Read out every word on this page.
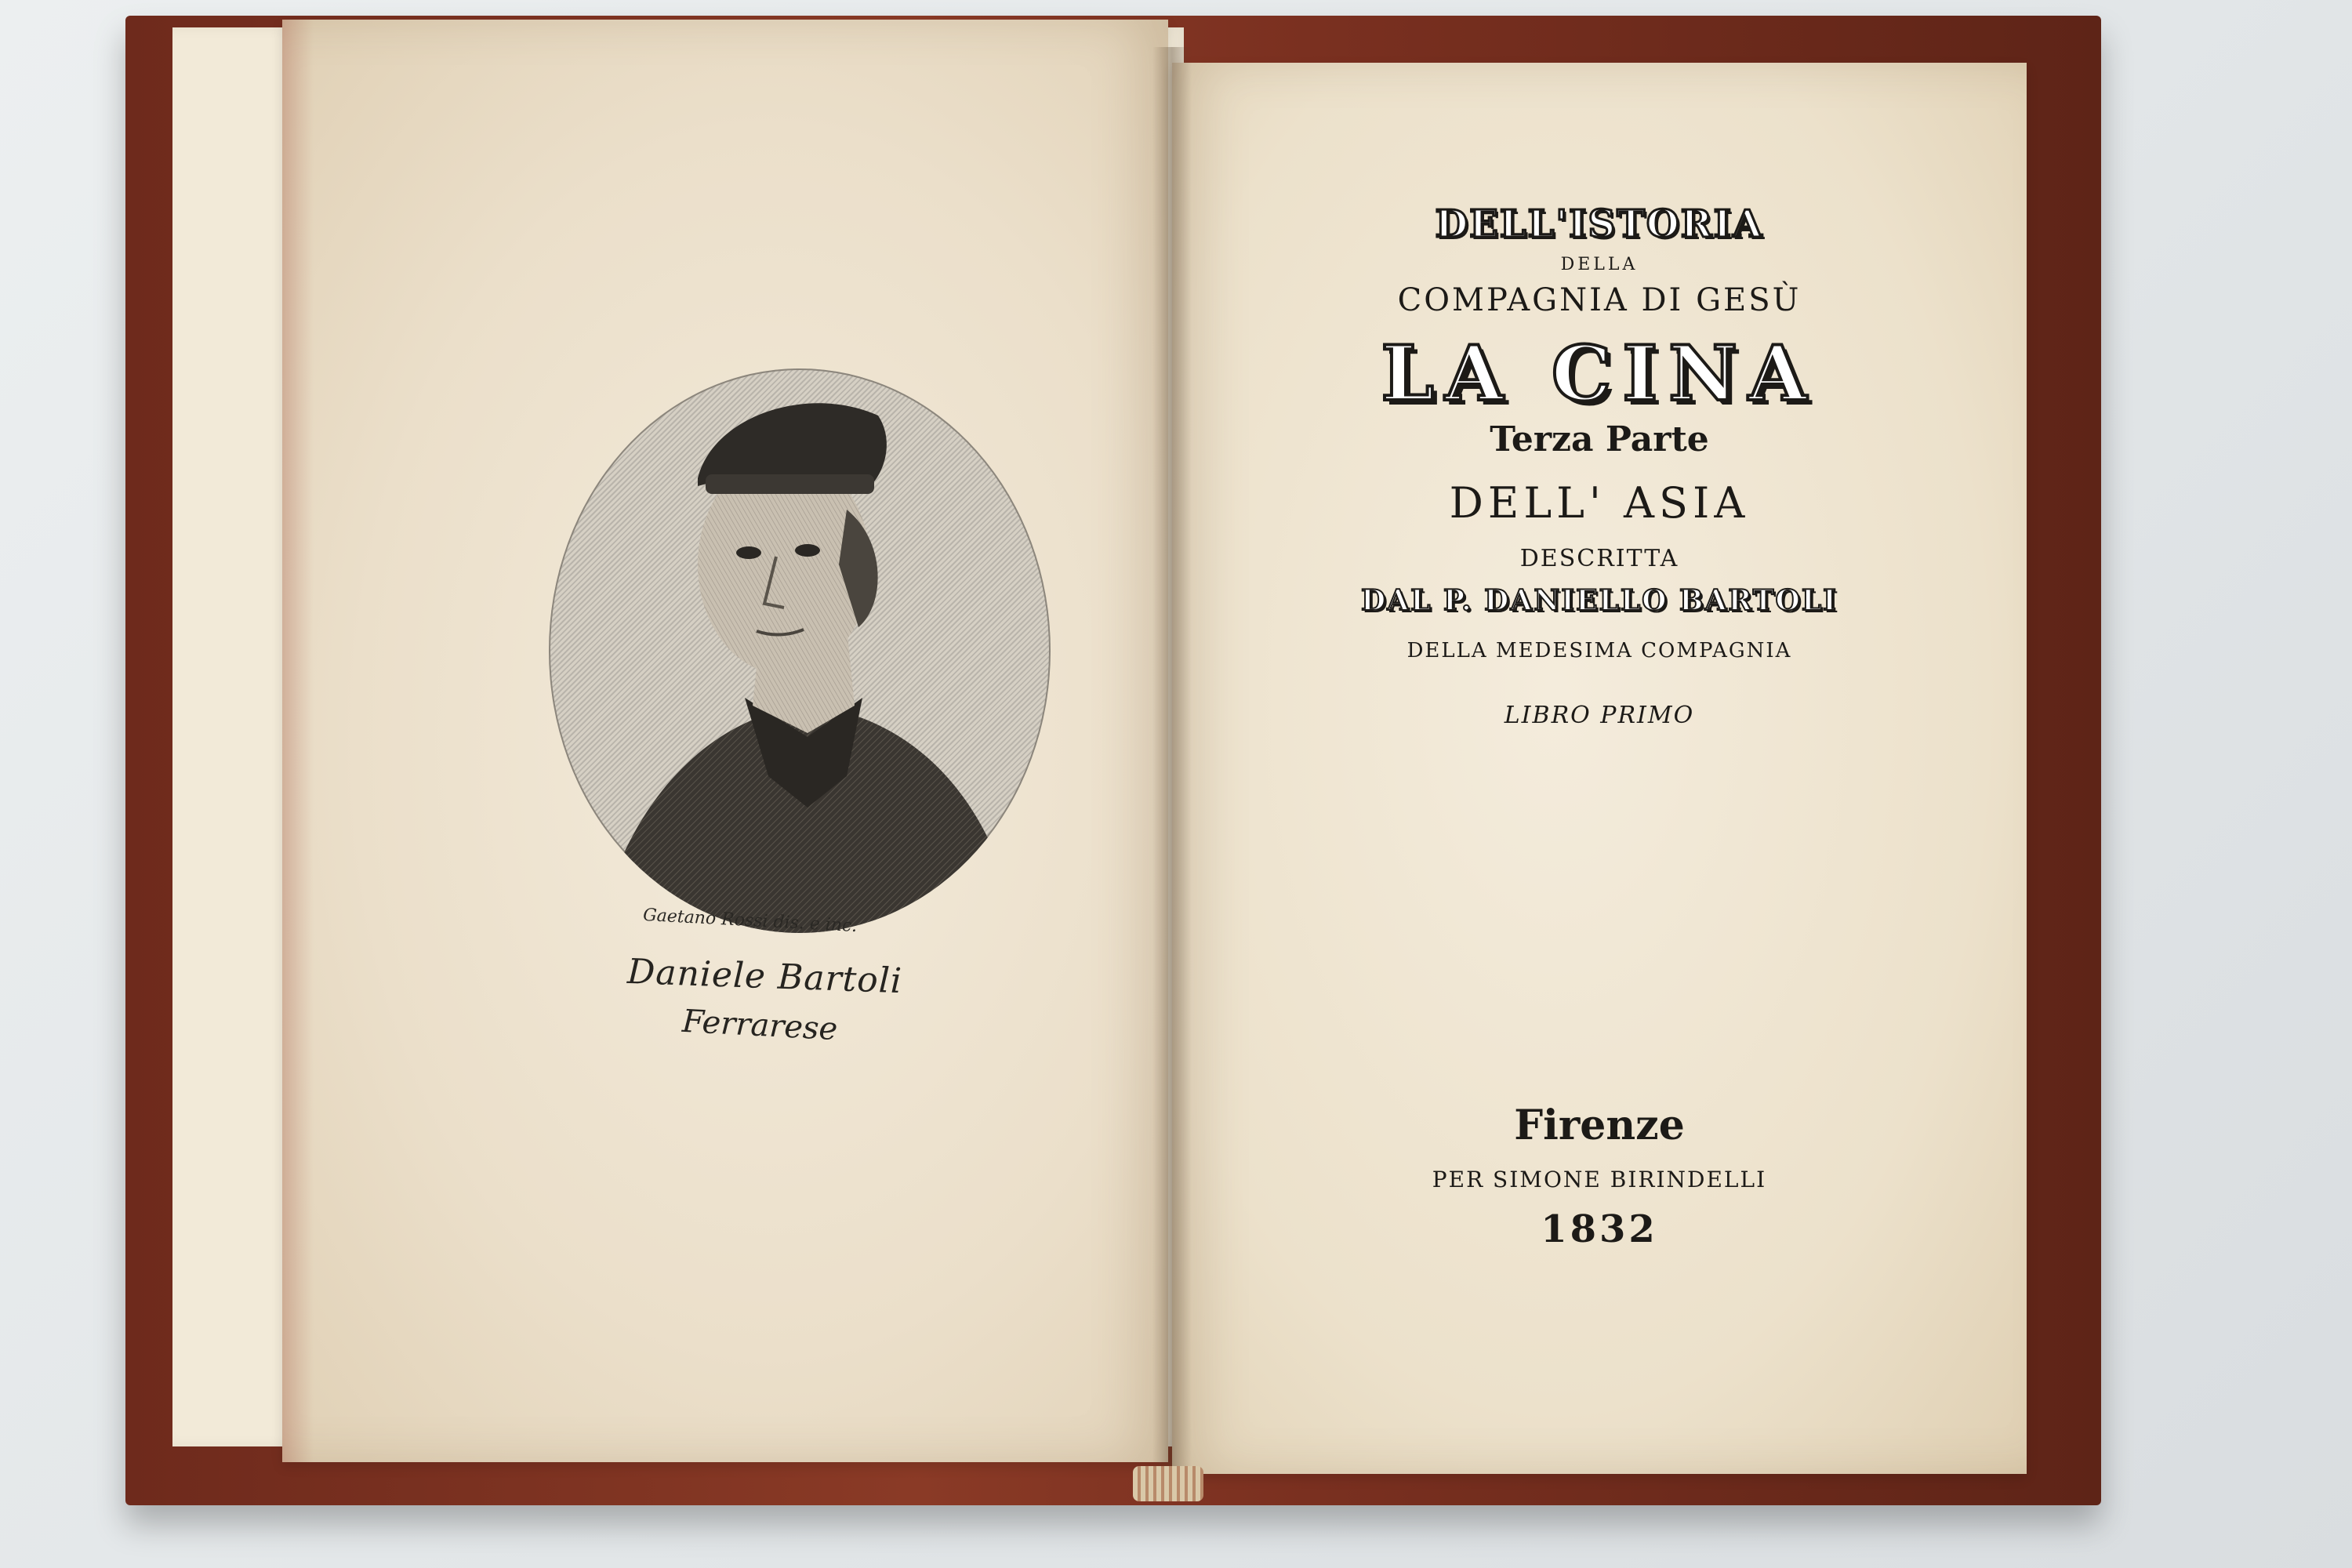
Gaetano Rossi dis. e inc.
Daniele Bartoli
Ferrarese
DELL'ISTORIA
DELLA
COMPAGNIA DI GESÙ
LA CINA
Terza Parte
DELL' ASIA
DESCRITTA
DAL P. DANIELLO BARTOLI
DELLA MEDESIMA COMPAGNIA
LIBRO PRIMO
Firenze
PER SIMONE BIRINDELLI
1832
